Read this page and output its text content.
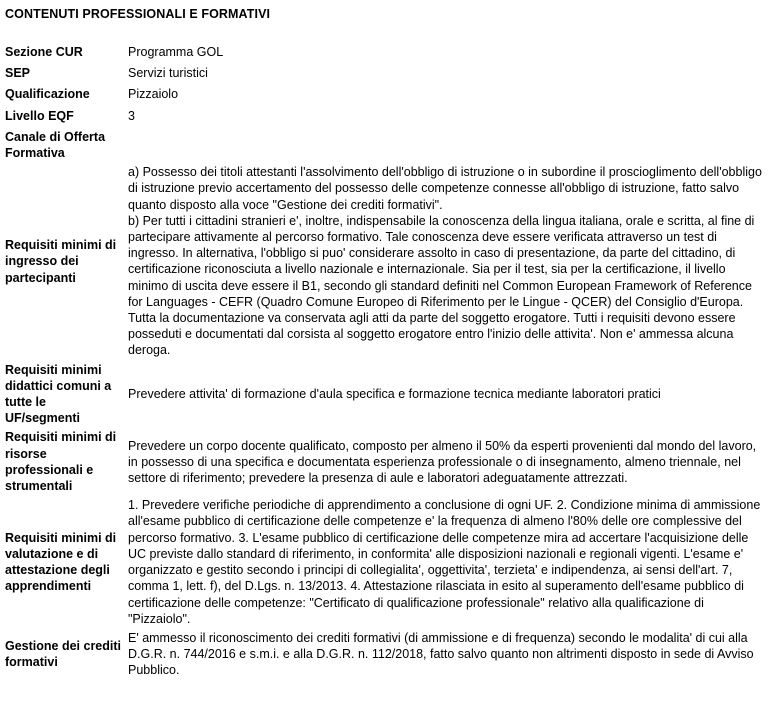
CONTENUTI PROFESSIONALI E FORMATIVI
Sezione CUR	Programma GOL
SEP	Servizi turistici
Qualificazione	Pizzaiolo
Livello EQF	3
Canale di Offerta Formativa	
Requisiti minimi di ingresso dei partecipanti	a) Possesso dei titoli attestanti l'assolvimento dell'obbligo di istruzione o in subordine il proscioglimento dell'obbligo di istruzione previo accertamento del possesso delle competenze connesse all'obbligo di istruzione, fatto salvo quanto disposto alla voce "Gestione dei crediti formativi".
b) Per tutti i cittadini stranieri e', inoltre, indispensabile la conoscenza della lingua italiana, orale e scritta, al fine di partecipare attivamente al percorso formativo. Tale conoscenza deve essere verificata attraverso un test di ingresso. In alternativa, l'obbligo si puo' considerare assolto in caso di presentazione, da parte del cittadino, di certificazione riconosciuta a livello nazionale e internazionale. Sia per il test, sia per la certificazione, il livello minimo di uscita deve essere il B1, secondo gli standard definiti nel Common European Framework of Reference for Languages - CEFR (Quadro Comune Europeo di Riferimento per le Lingue - QCER) del Consiglio d'Europa. Tutta la documentazione va conservata agli atti da parte del soggetto erogatore. Tutti i requisiti devono essere posseduti e documentati dal corsista al soggetto erogatore entro l'inizio delle attivita'. Non e' ammessa alcuna deroga.

Requisiti minimi didattici comuni a tutte le UF/segmenti	Prevedere attivita' di formazione d'aula specifica e formazione tecnica mediante laboratori pratici
Requisiti minimi di risorse professionali e strumentali	Prevedere un corpo docente qualificato, composto per almeno il 50% da esperti provenienti dal mondo del lavoro, in possesso di una specifica e documentata esperienza professionale o di insegnamento, almeno triennale, nel settore di riferimento; prevedere la presenza di aule e laboratori adeguatamente attrezzati.
Requisiti minimi di valutazione e di attestazione degli apprendimenti	1. Prevedere verifiche periodiche di apprendimento a conclusione di ogni UF. 2. Condizione minima di ammissione all'esame pubblico di certificazione delle competenze e' la frequenza di almeno l'80% delle ore complessive del percorso formativo. 3. L'esame pubblico di certificazione delle competenze mira ad accertare l'acquisizione delle UC previste dallo standard di riferimento, in conformita' alle disposizioni nazionali e regionali vigenti. L'esame e' organizzato e gestito secondo i principi di collegialita', oggettivita', terzieta' e indipendenza, ai sensi dell'art. 7, comma 1, lett. f), del D.Lgs. n. 13/2013. 4. Attestazione rilasciata in esito al superamento dell'esame pubblico di certificazione delle competenze: "Certificato di qualificazione professionale" relativo alla qualificazione di "Pizzaiolo".
Gestione dei crediti formativi	E' ammesso il riconoscimento dei crediti formativi (di ammissione e di frequenza) secondo le modalita' di cui alla D.G.R. n. 744/2016 e s.m.i. e alla D.G.R. n. 112/2018, fatto salvo quanto non altrimenti disposto in sede di Avviso Pubblico.
